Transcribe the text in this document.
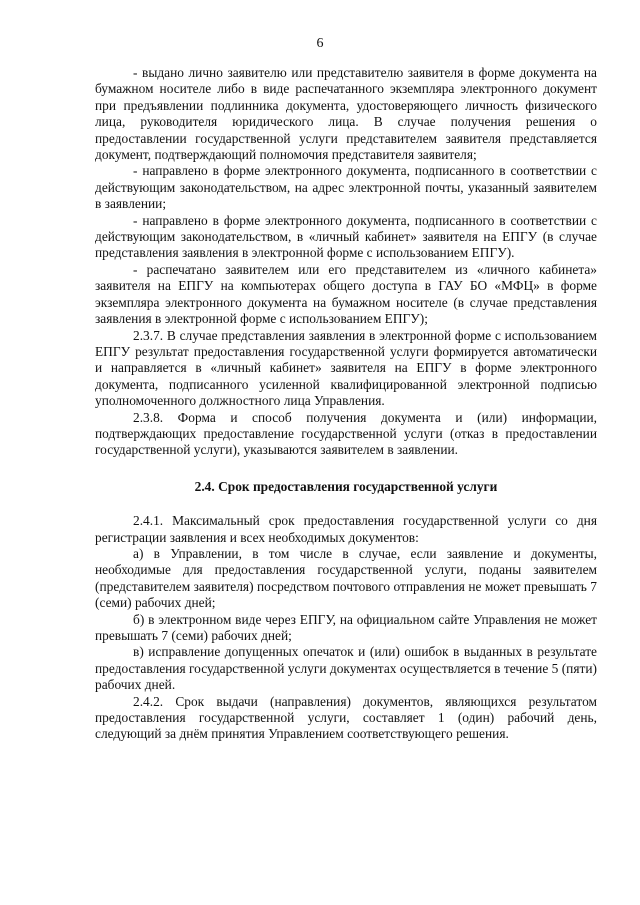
6

- выдано лично заявителю или представителю заявителя в форме документа на бумажном носителе либо в виде распечатанного экземпляра электронного документ при предъявлении подлинника документа, удостоверяющего личность физического лица, руководителя юридического лица. В случае получения решения о предоставлении государственной услуги представителем заявителя представляется документ, подтверждающий полномочия представителя заявителя;

- направлено в форме электронного документа, подписанного в соответствии с действующим законодательством, на адрес электронной почты, указанный заявителем в заявлении;

- направлено в форме электронного документа, подписанного в соответствии с действующим законодательством, в «личный кабинет» заявителя на ЕПГУ (в случае представления заявления в электронной форме с использованием ЕПГУ).

- распечатано заявителем или его представителем из «личного кабинета» заявителя на ЕПГУ на компьютерах общего доступа в ГАУ БО «МФЦ» в форме экземпляра электронного документа на бумажном носителе (в случае представления заявления в электронной форме с использованием ЕПГУ);

2.3.7. В случае представления заявления в электронной форме с использованием ЕПГУ результат предоставления государственной услуги формируется автоматически и направляется в «личный кабинет» заявителя на ЕПГУ в форме электронного документа, подписанного усиленной квалифицированной электронной подписью уполномоченного должностного лица Управления.

2.3.8. Форма и способ получения документа и (или) информации, подтверждающих предоставление государственной услуги (отказ в предоставлении государственной услуги), указываются заявителем в заявлении.

2.4. Срок предоставления государственной услуги

2.4.1. Максимальный срок предоставления государственной услуги со дня регистрации заявления и всех необходимых документов:

а) в Управлении, в том числе в случае, если заявление и документы, необходимые для предоставления государственной услуги, поданы заявителем (представителем заявителя) посредством почтового отправления не может превышать 7 (семи) рабочих дней;

б) в электронном виде через ЕПГУ, на официальном сайте Управления не может превышать 7 (семи) рабочих дней;

в) исправление допущенных опечаток и (или) ошибок в выданных в результате предоставления государственной услуги документах осуществляется в течение 5 (пяти) рабочих дней.

2.4.2. Срок выдачи (направления) документов, являющихся результатом предоставления государственной услуги, составляет 1 (один) рабочий день, следующий за днём принятия Управлением соответствующего решения.
